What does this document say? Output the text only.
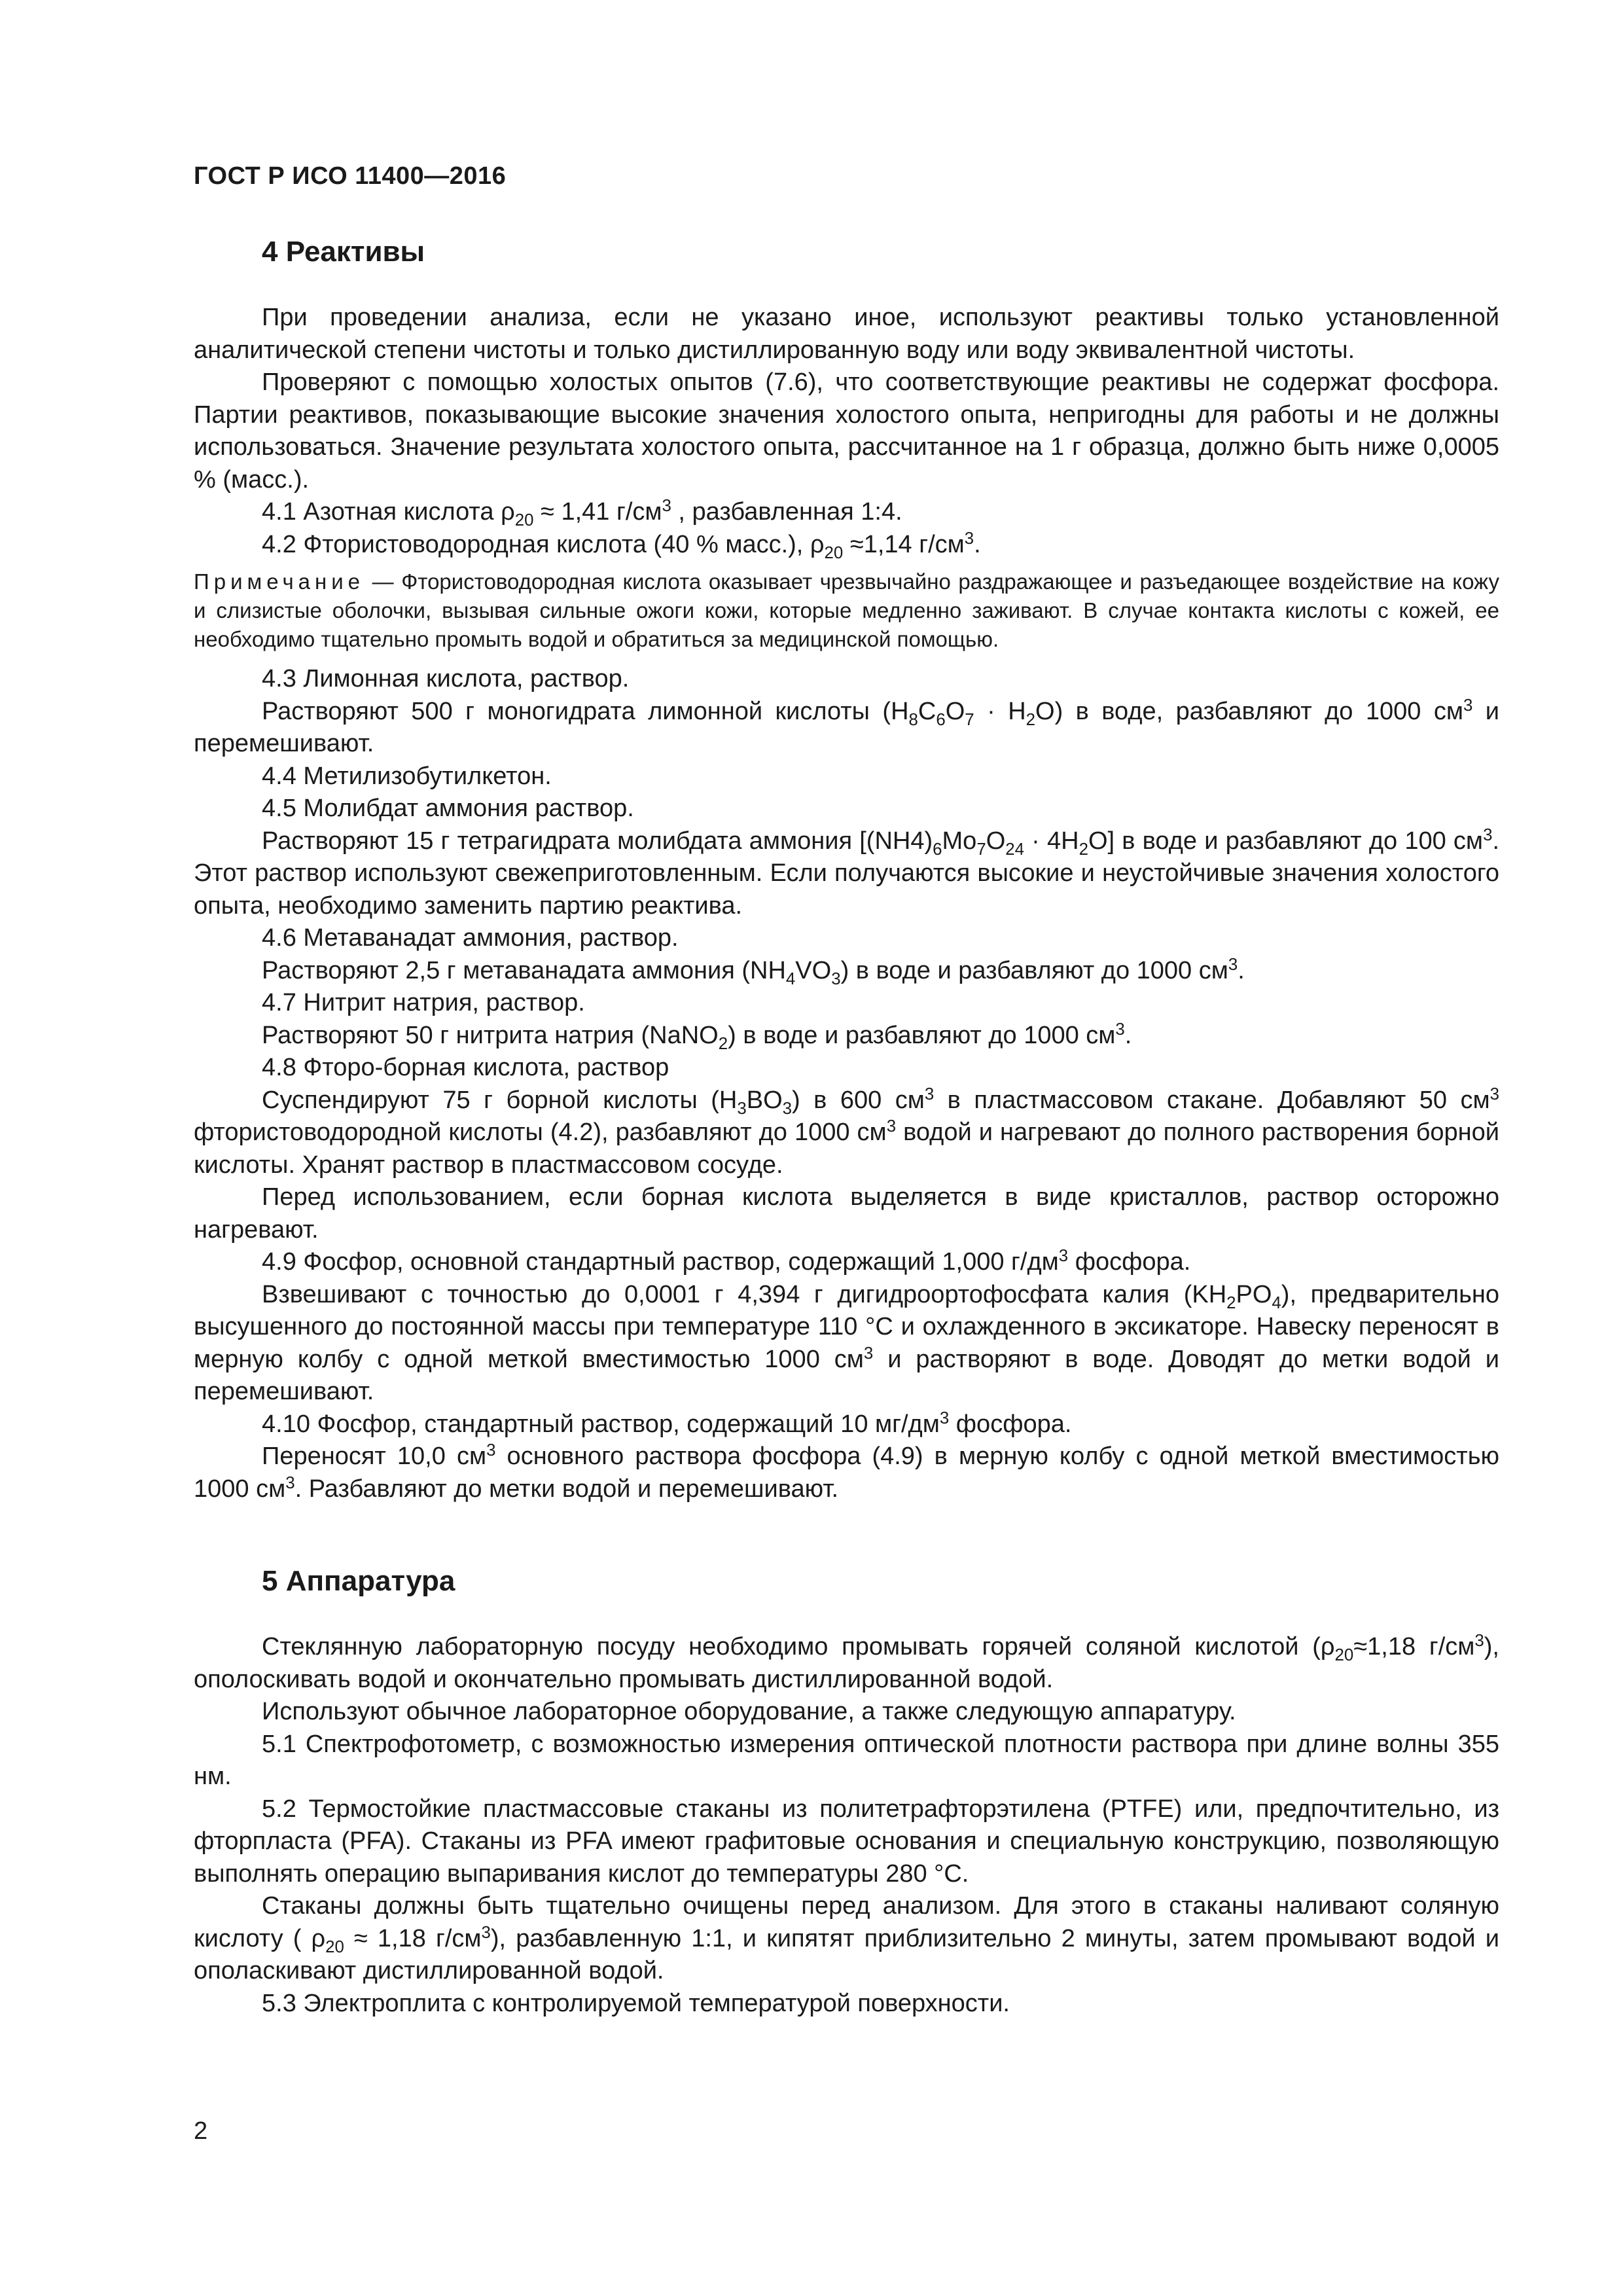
ГОСТ Р ИСО 11400—2016
4 Реактивы

При проведении анализа, если не указано иное, используют реактивы только установленной аналитической степени чистоты и только дистиллированную воду или воду эквивалентной чистоты.

Проверяют с помощью холостых опытов (7.6), что соответствующие реактивы не содержат фосфора. Партии реактивов, показывающие высокие значения холостого опыта, непригодны для работы и не должны использоваться. Значение результата холостого опыта, рассчитанное на 1 г образца, должно быть ниже 0,0005 % (масс.).

4.1 Азотная кислота $\rho_{20} \approx 1,41$ $г/см^3$ , разбавленная 1:4.

4.2 Фтористоводородная кислота (40 % масс.), $\rho_{20} \approx 1,14$ $г/см^3$.

Примечание — Фтористоводородная кислота оказывает чрезвычайно раздражающее и разъедающее воздействие на кожу и слизистые оболочки, вызывая сильные ожоги кожи, которые медленно заживают. В случае контакта кислоты с кожей, ее необходимо тщательно промыть водой и обратиться за медицинской помощью.

4.3 Лимонная кислота, раствор.

Растворяют 500 г моногидрата лимонной кислоты $(H_8C_6O_7 \cdot H_2O)$ в воде, разбавляют до 1000 $см^3$ и перемешивают.

4.4 Метилизобутилкетон.

4.5 Молибдат аммония раствор.

Растворяют 15 г тетрагидрата молибдата аммония $[(NH4)_6Mo_7O_{24} \cdot 4H_2O]$ в воде и разбавляют до 100 $см^3$. Этот раствор используют свежеприготовленным. Если получаются высокие и неустойчивые значения холостого опыта, необходимо заменить партию реактива.

4.6 Метаванадат аммония, раствор.

Растворяют 2,5 г метаванадата аммония $(NH_4VO_3)$ в воде и разбавляют до 1000 $см^3$.

4.7 Нитрит натрия, раствор.

Растворяют 50 г нитрита натрия (NaNO$_2$) в воде и разбавляют до 1000 $см^3$.

4.8 Фторо-борная кислота, раствор

Суспендируют 75 г борной кислоты $(H_3BO_3)$ в 600 $см^3$ в пластмассовом стакане. Добавляют 50 $см^3$ фтористоводородной кислоты (4.2), разбавляют до 1000 $см^3$ водой и нагревают до полного растворения борной кислоты. Хранят раствор в пластмассовом сосуде.

Перед использованием, если борная кислота выделяется в виде кристаллов, раствор осторожно нагревают.

4.9 Фосфор, основной стандартный раствор, содержащий 1,000 $г/дм^3$ фосфора.

Взвешивают с точностью до 0,0001 г 4,394 г дигидроортофосфата калия $(KH_2PO_4)$, предварительно высушенного до постоянной массы при температуре 110 °C и охлажденного в эксикаторе. Навеску переносят в мерную колбу с одной меткой вместимостью 1000 $см^3$ и растворяют в воде. Доводят до метки водой и перемешивают.

4.10 Фосфор, стандартный раствор, содержащий 10 $мг/дм^3$ фосфора.

Переносят 10,0 $см^3$ основного раствора фосфора (4.9) в мерную колбу с одной меткой вместимостью 1000 $см^3$. Разбавляют до метки водой и перемешивают.

5 Аппаратура

Стеклянную лабораторную посуду необходимо промывать горячей соляной кислотой ($\rho_{20}\approx 1,18$ $г/см^3$), ополоскивать водой и окончательно промывать дистиллированной водой.

Используют обычное лабораторное оборудование, а также следующую аппаратуру.

5.1 Спектрофотометр, с возможностью измерения оптической плотности раствора при длине волны 355 нм.

5.2 Термостойкие пластмассовые стаканы из политетрафторэтилена (PTFE) или, предпочтительно, из фторпласта (PFA). Стаканы из PFA имеют графитовые основания и специальную конструкцию, позволяющую выполнять операцию выпаривания кислот до температуры 280 °C.

Стаканы должны быть тщательно очищены перед анализом. Для этого в стаканы наливают соляную кислоту ( $\rho_{20} \approx 1,18$ $г/см^3$), разбавленную 1:1, и кипятят приблизительно 2 минуты, затем промывают водой и ополаскивают дистиллированной водой.

5.3 Электроплита с контролируемой температурой поверхности.

2
